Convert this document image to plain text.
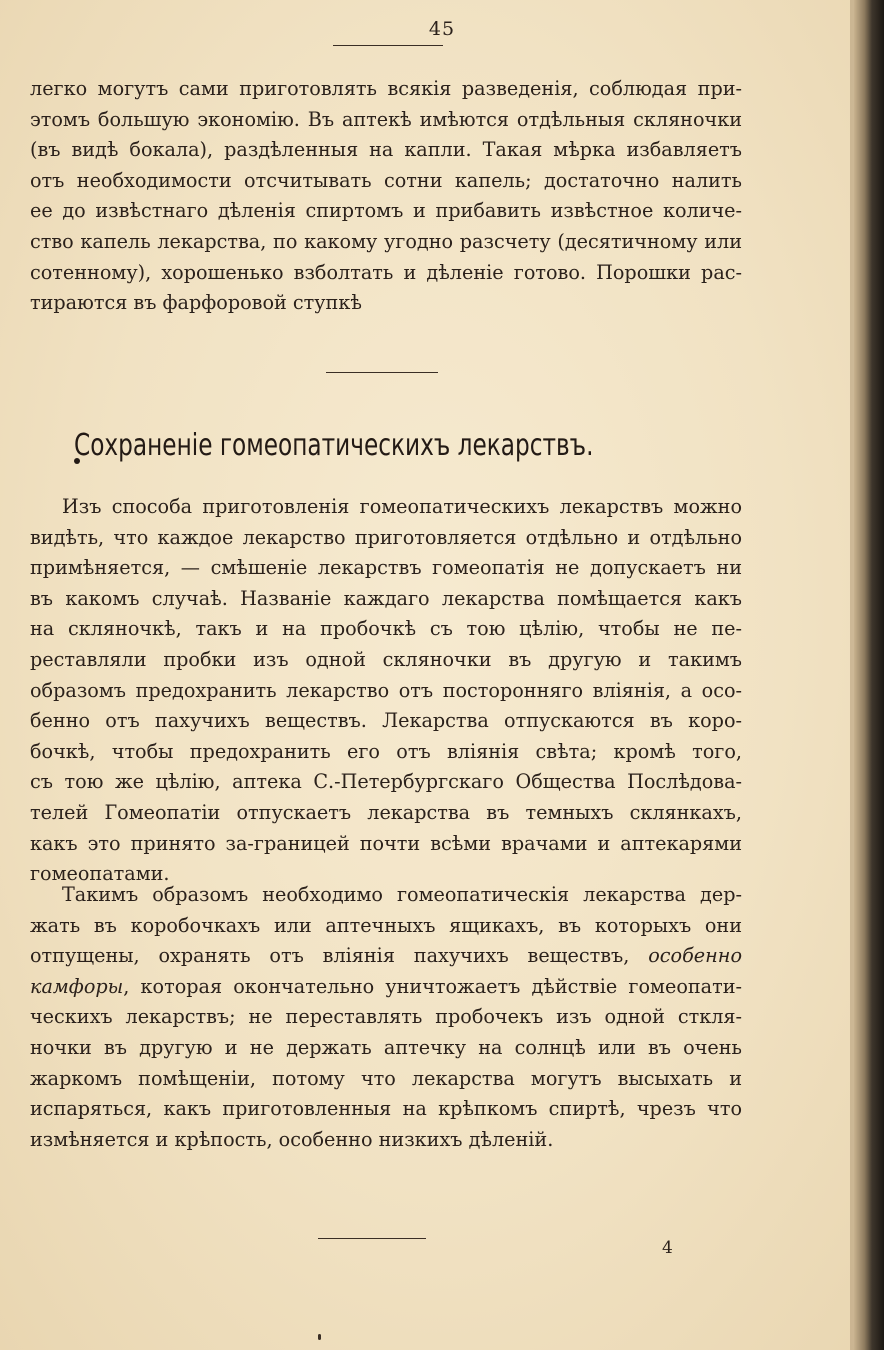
45
легко могутъ сами приготовлять всякія разведенія, соблюдая при-
этомъ большую экономію. Въ аптекѣ имѣются отдѣльныя скляночки
(въ видѣ бокала), раздѣленныя на капли. Такая мѣрка избавляетъ
отъ необходимости отсчитывать сотни капель; достаточно налить
ее до извѣстнаго дѣленія спиртомъ и прибавить извѣстное количе-
ство капель лекарства, по какому угодно разсчету (десятичному или
сотенному), хорошенько взболтать и дѣленіе готово. Порошки рас-
тираются въ фарфоровой ступкѣ
Сохраненіе гомеопатическихъ лекарствъ.
Изъ способа приготовленія гомеопатическихъ лекарствъ можно
видѣть, что каждое лекарство приготовляется отдѣльно и отдѣльно
примѣняется, — смѣшеніе лекарствъ гомеопатія не допускаетъ ни
въ какомъ случаѣ. Названіе каждаго лекарства помѣщается какъ
на скляночкѣ, такъ и на пробочкѣ съ тою цѣлію, чтобы не пе-
реставляли пробки изъ одной скляночки въ другую и такимъ
образомъ предохранить лекарство отъ посторонняго вліянія, а осо-
бенно отъ пахучихъ веществъ. Лекарства отпускаются въ коро-
бочкѣ, чтобы предохранить его отъ вліянія свѣта; кромѣ того,
съ тою же цѣлію, аптека С.-Петербургскаго Общества Послѣдова-
телей Гомеопатіи отпускаетъ лекарства въ темныхъ склянкахъ,
какъ это принято за-границей почти всѣми врачами и аптекарями
гомеопатами.
Такимъ образомъ необходимо гомеопатическія лекарства дер-
жать въ коробочкахъ или аптечныхъ ящикахъ, въ которыхъ они
отпущены, охранять отъ вліянія пахучихъ веществъ, особенно
камфоры, которая окончательно уничтожаетъ дѣйствіе гомеопати-
ческихъ лекарствъ; не переставлять пробочекъ изъ одной сткля-
ночки въ другую и не держать аптечку на солнцѣ или въ очень
жаркомъ помѣщеніи, потому что лекарства могутъ высыхать и
испаряться, какъ приготовленныя на крѣпкомъ спиртѣ, чрезъ что
измѣняется и крѣпость, особенно низкихъ дѣленій.
4
